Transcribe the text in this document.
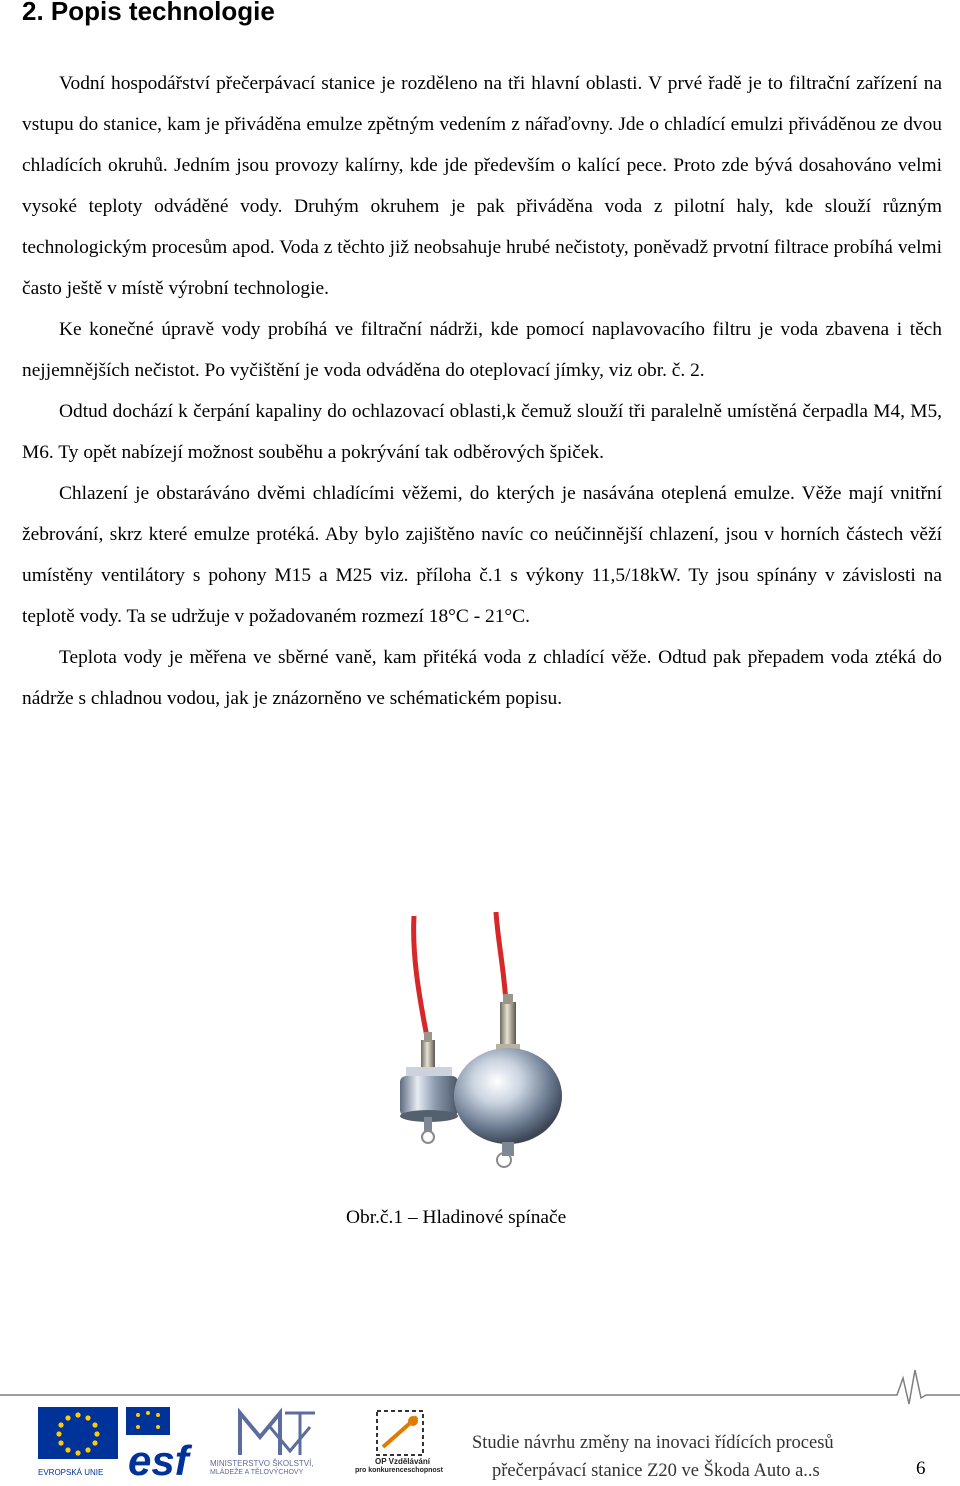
2. Popis technologie

Vodní hospodářství přečerpávací stanice je rozděleno na tři hlavní oblasti. V prvé řadě je to filtrační zařízení na vstupu do stanice, kam je přiváděna emulze zpětným vedením z nářaďovny. Jde o chladící emulzi přiváděnou ze dvou chladících okruhů. Jedním jsou provozy kalírny, kde jde především o kalící pece. Proto zde bývá dosahováno velmi vysoké teploty odváděné vody. Druhým okruhem je pak přiváděna voda z pilotní haly, kde slouží různým technologickým procesům apod. Voda z těchto již neobsahuje hrubé nečistoty, poněvadž prvotní filtrace probíhá velmi často ještě v místě výrobní technologie.

Ke konečné úpravě vody probíhá ve filtrační nádrži, kde pomocí naplavovacího filtru je voda zbavena i těch nejjemnějších nečistot. Po vyčištění je voda odváděna do oteplovací jímky, viz obr. č. 2.

Odtud dochází k čerpání kapaliny do ochlazovací oblasti,k čemuž slouží tři paralelně umístěná čerpadla M4, M5, M6. Ty opět nabízejí možnost souběhu a pokrývání tak odběrových špiček.

Chlazení je obstaráváno dvěmi chladícími věžemi, do kterých je nasávána oteplená emulze. Věže mají vnitřní žebrování, skrz které emulze protéká. Aby bylo zajištěno navíc co neúčinnější chlazení, jsou v horních částech věží umístěny ventilátory s pohony M15 a M25 viz. příloha č.1 s výkony 11,5/18kW. Ty jsou spínány v závislosti na teplotě vody. Ta se udržuje v požadovaném rozmezí 18°C - 21°C.

Teplota vody je měřena ve sběrné vaně, kam přitéká voda z chladící věže. Odtud pak přepadem voda ztéká do nádrže s chladnou vodou, jak je znázorněno ve schématickém popisu.

Obr.č.1 – Hladinové spínače
EVROPSKÁ UNIE esf	MINISTERSTVO ŠKOLSTVÍ,
MLÁDEŽE A TĚLOVÝCHOVY
OP Vzdělávání
pro konkurenceschopnost
Studie návrhu změny na inovaci řídících procesů
přečerpávací stanice Z20 ve Škoda Auto a..s	6
